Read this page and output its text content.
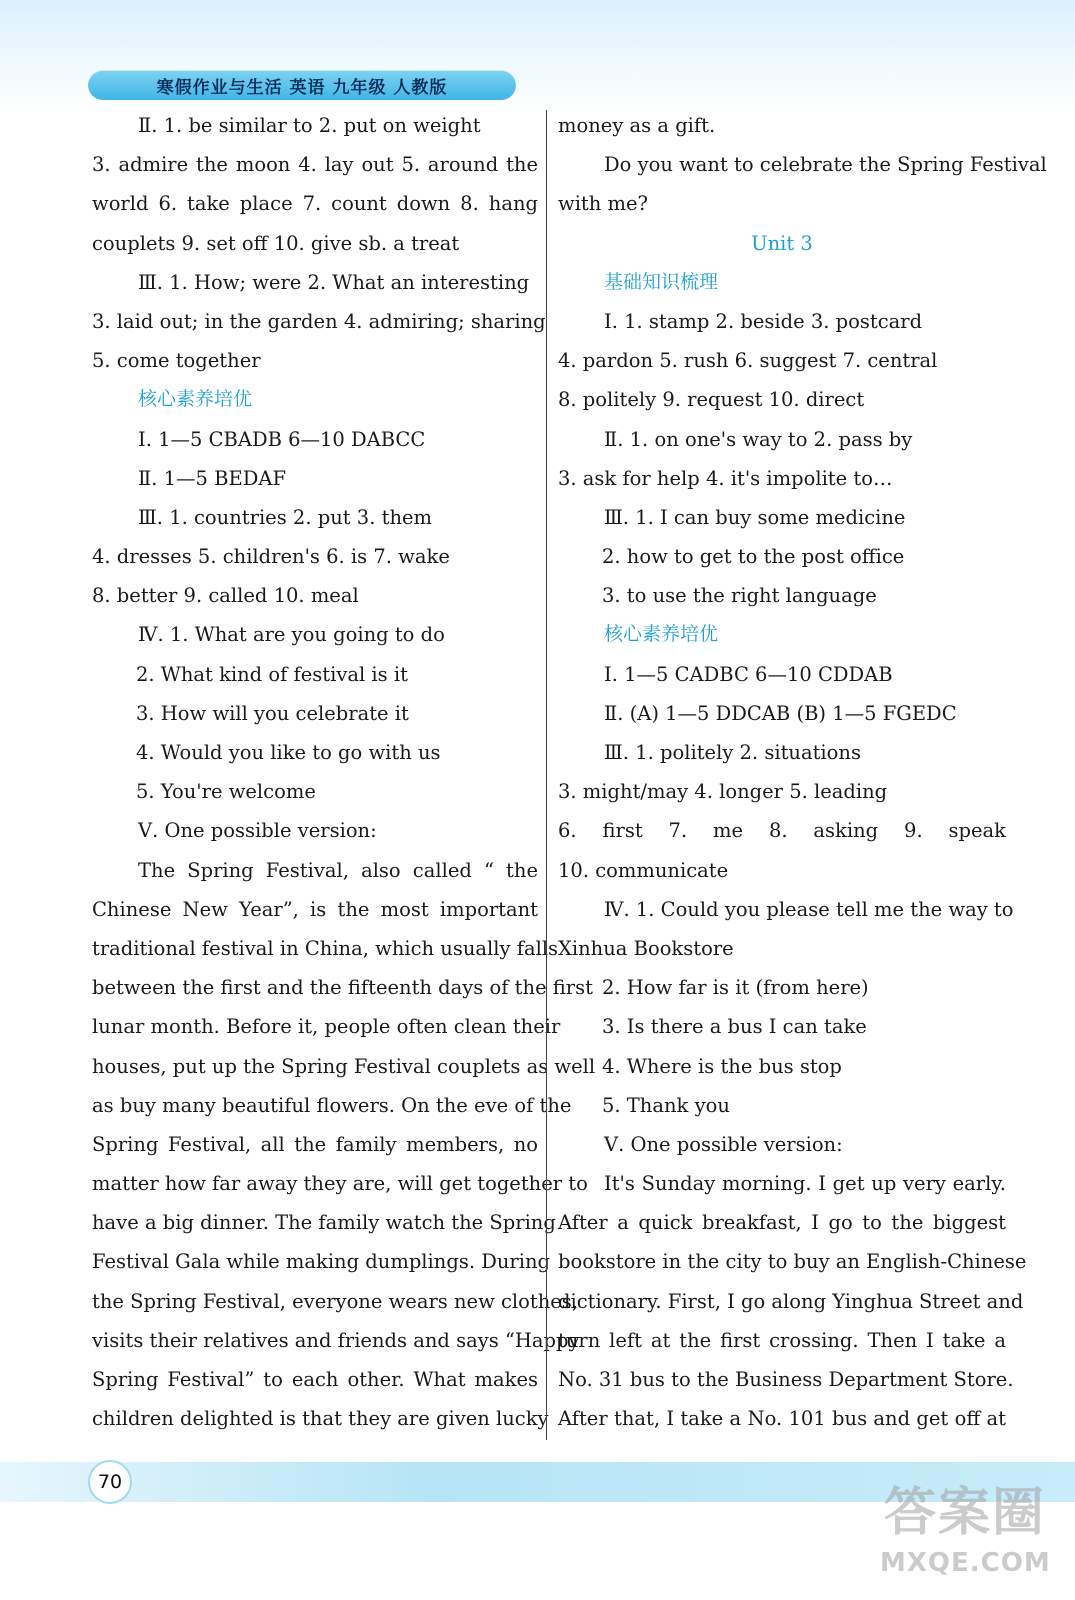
寒假作业与生活 英语 九年级 人教版
Ⅱ. 1. be similar to 2. put on weight
3. admire the moon 4. lay out 5. around the
world 6. take place 7. count down 8. hang
couplets 9. set off 10. give sb. a treat
Ⅲ. 1. How; were 2. What an interesting
3. laid out; in the garden 4. admiring; sharing
5. come together
核心素养培优
Ⅰ. 1—5 CBADB 6—10 DABCC
Ⅱ. 1—5 BEDAF
Ⅲ. 1. countries 2. put 3. them
4. dresses 5. children's 6. is 7. wake
8. better 9. called 10. meal
Ⅳ. 1. What are you going to do
2. What kind of festival is it
3. How will you celebrate it
4. Would you like to go with us
5. You're welcome
Ⅴ. One possible version:
The Spring Festival, also called “ the
Chinese New Year”, is the most important
traditional festival in China, which usually falls
between the first and the fifteenth days of the first
lunar month. Before it, people often clean their
houses, put up the Spring Festival couplets as well
as buy many beautiful flowers. On the eve of the
Spring Festival, all the family members, no
matter how far away they are, will get together to
have a big dinner. The family watch the Spring
Festival Gala while making dumplings. During
the Spring Festival, everyone wears new clothes,
visits their relatives and friends and says “Happy
Spring Festival” to each other. What makes
children delighted is that they are given lucky
money as a gift.
Do you want to celebrate the Spring Festival
with me?
Unit 3
基础知识梳理
Ⅰ. 1. stamp 2. beside 3. postcard
4. pardon 5. rush 6. suggest 7. central
8. politely 9. request 10. direct
Ⅱ. 1. on one's way to 2. pass by
3. ask for help 4. it's impolite to…
Ⅲ. 1. I can buy some medicine
2. how to get to the post office
3. to use the right language
核心素养培优
Ⅰ. 1—5 CADBC 6—10 CDDAB
Ⅱ. (A) 1—5 DDCAB (B) 1—5 FGEDC
Ⅲ. 1. politely 2. situations
3. might/may 4. longer 5. leading
6. first 7. me 8. asking 9. speak
10. communicate
Ⅳ. 1. Could you please tell me the way to
Xinhua Bookstore
2. How far is it (from here)
3. Is there a bus I can take
4. Where is the bus stop
5. Thank you
Ⅴ. One possible version:
It's Sunday morning. I get up very early.
After a quick breakfast, I go to the biggest
bookstore in the city to buy an English-Chinese
dictionary. First, I go along Yinghua Street and
turn left at the first crossing. Then I take a
No. 31 bus to the Business Department Store.
After that, I take a No. 101 bus and get off at
70
答案圈
MXQE.COM
